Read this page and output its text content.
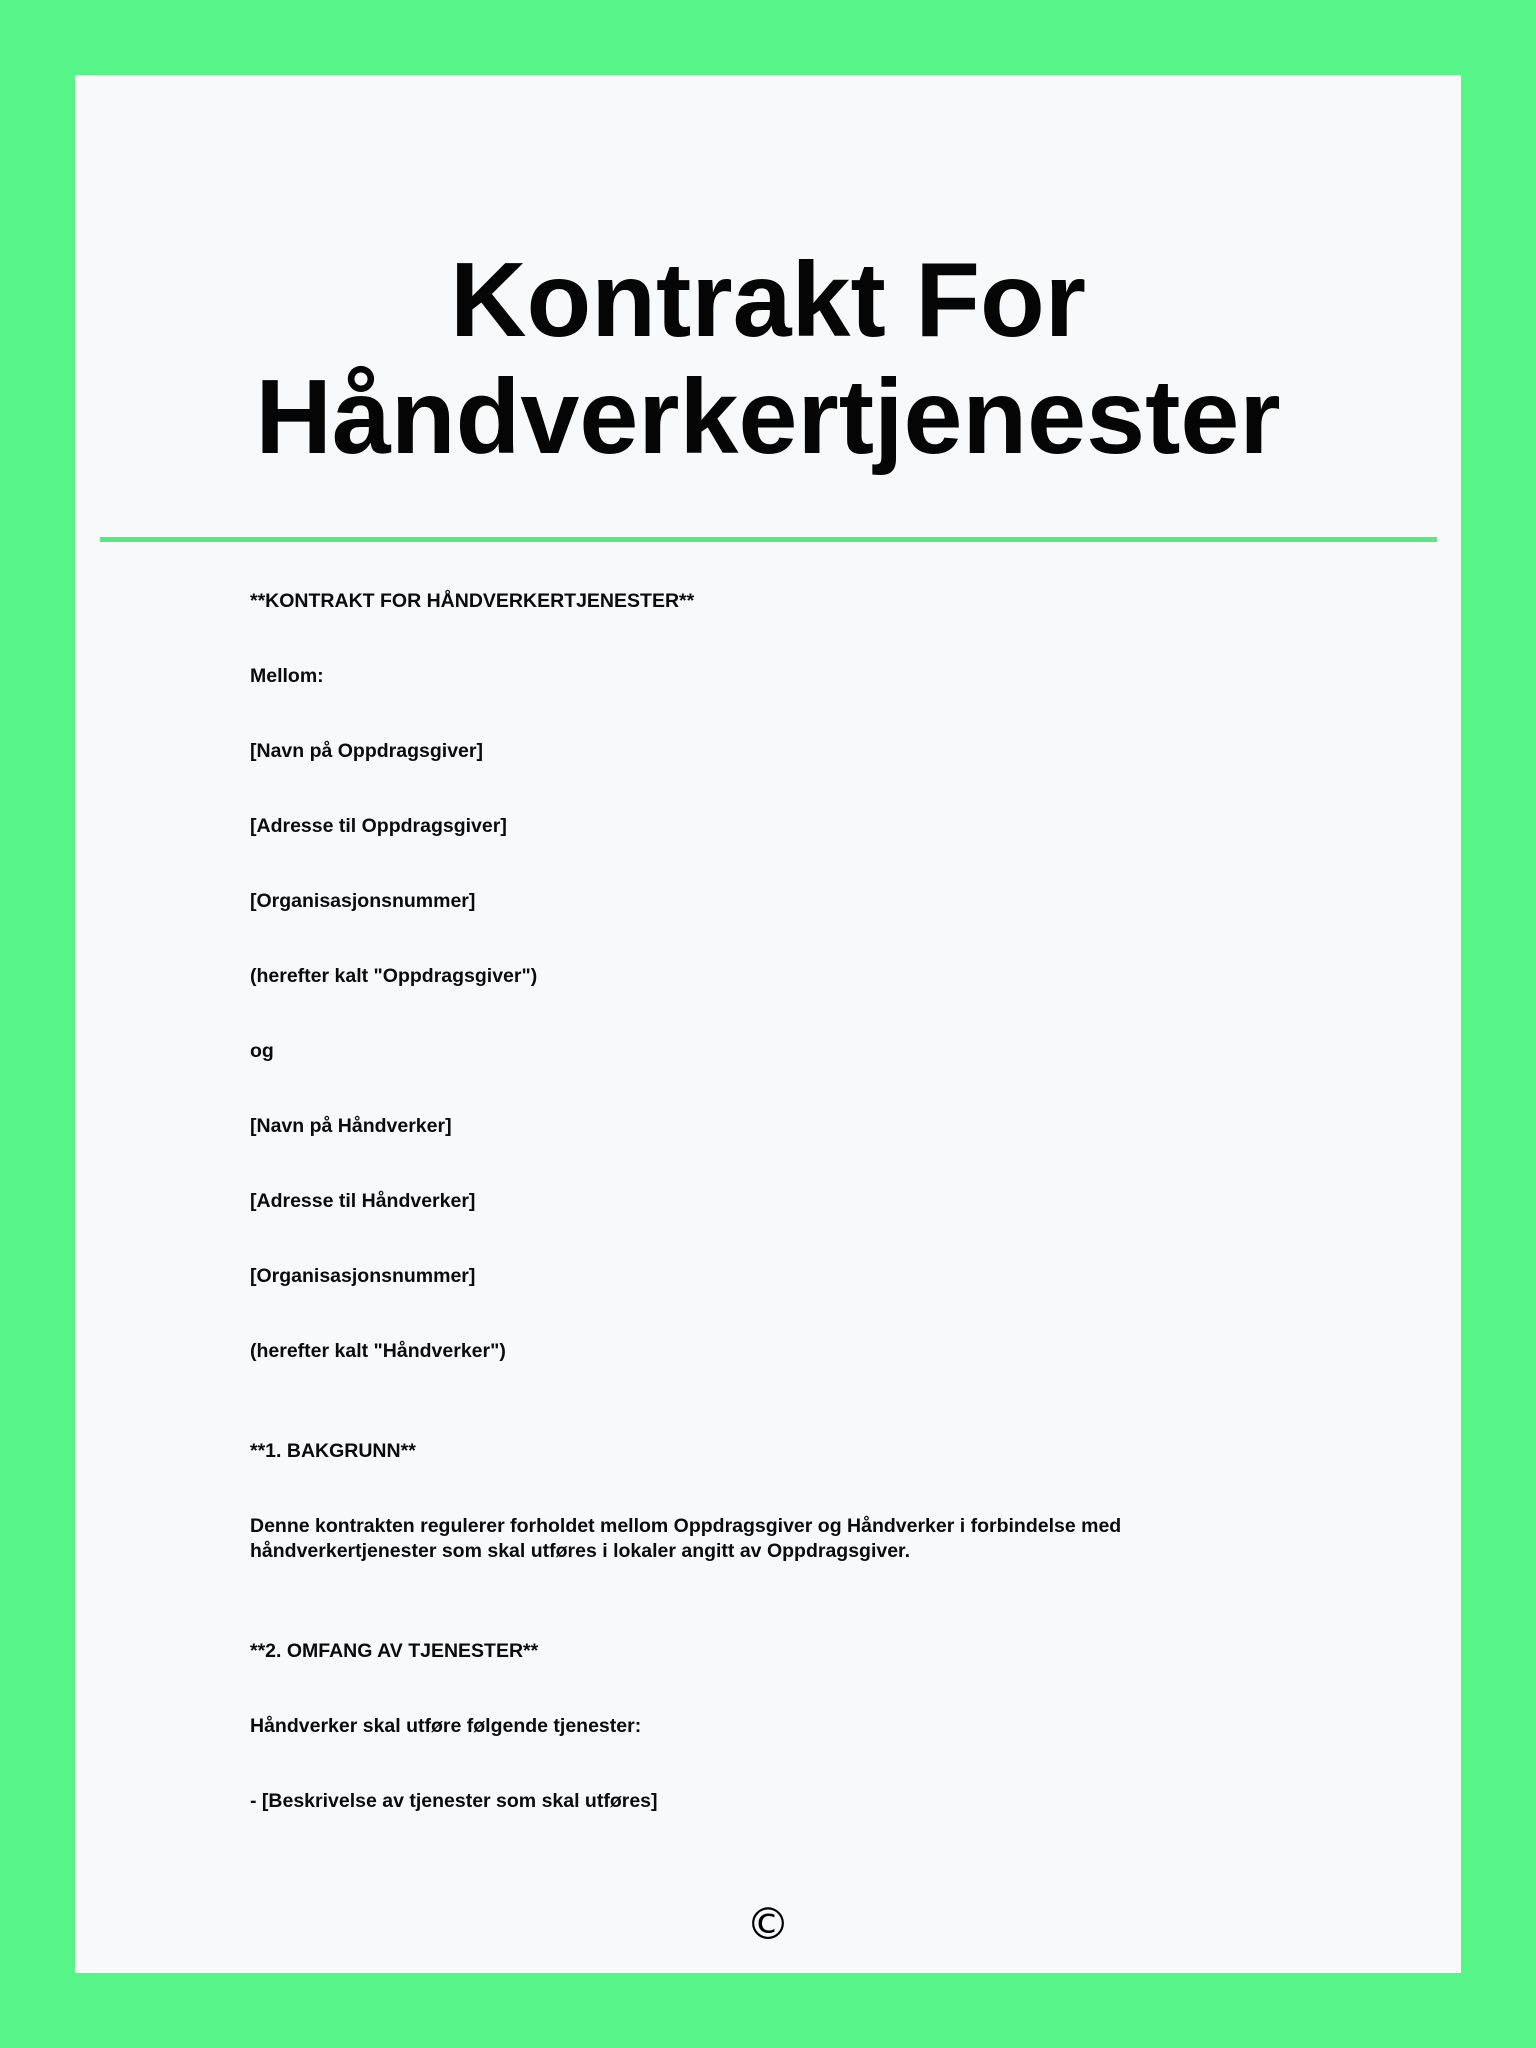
Kontrakt For
Håndverkertjenester
**KONTRAKT FOR HÅNDVERKERTJENESTER**
Mellom:
[Navn på Oppdragsgiver]
[Adresse til Oppdragsgiver]
[Organisasjonsnummer]
(herefter kalt "Oppdragsgiver")
og
[Navn på Håndverker]
[Adresse til Håndverker]
[Organisasjonsnummer]
(herefter kalt "Håndverker")
**1. BAKGRUNN**
Denne kontrakten regulerer forholdet mellom Oppdragsgiver og Håndverker i forbindelse med håndverkertjenester som skal utføres i lokaler angitt av Oppdragsgiver.
**2. OMFANG AV TJENESTER**
Håndverker skal utføre følgende tjenester:
- [Beskrivelse av tjenester som skal utføres]
©
